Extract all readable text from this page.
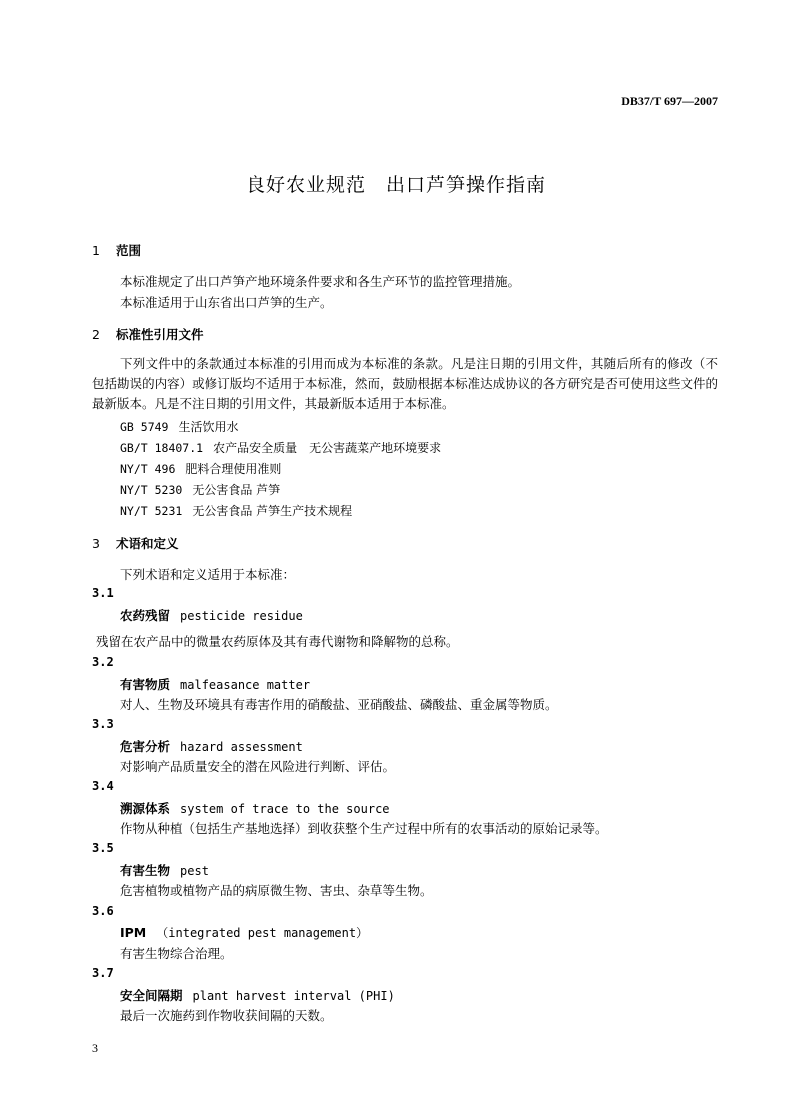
DB37/T 697—2007
良好农业规范　出口芦笋操作指南
1 范围
本标准规定了出口芦笋产地环境条件要求和各生产环节的监控管理措施。
本标准适用于山东省出口芦笋的生产。
2 标准性引用文件
下列文件中的条款通过本标准的引用而成为本标准的条款。凡是注日期的引用文件，其随后所有的修改（不包括勘误的内容）或修订版均不适用于本标准，然而，鼓励根据本标准达成协议的各方研究是否可使用这些文件的最新版本。凡是不注日期的引用文件，其最新版本适用于本标准。
GB 5749 生活饮用水
GB/T 18407.1 农产品安全质量　无公害蔬菜产地环境要求
NY/T 496 肥料合理使用准则
NY/T 5230 无公害食品 芦笋
NY/T 5231 无公害食品 芦笋生产技术规程
3 术语和定义
下列术语和定义适用于本标准：
3.1
农药残留 pesticide residue
残留在农产品中的微量农药原体及其有毒代谢物和降解物的总称。
3.2
有害物质 malfeasance matter
对人、生物及环境具有毒害作用的硝酸盐、亚硝酸盐、磷酸盐、重金属等物质。
3.3
危害分析 hazard assessment
对影响产品质量安全的潜在风险进行判断、评估。
3.4
溯源体系 system of trace to the source
作物从种植（包括生产基地选择）到收获整个生产过程中所有的农事活动的原始记录等。
3.5
有害生物 pest
危害植物或植物产品的病原微生物、害虫、杂草等生物。
3.6
IPM （integrated pest management）
有害生物综合治理。
3.7
安全间隔期 plant harvest interval (PHI)
最后一次施药到作物收获间隔的天数。
3
